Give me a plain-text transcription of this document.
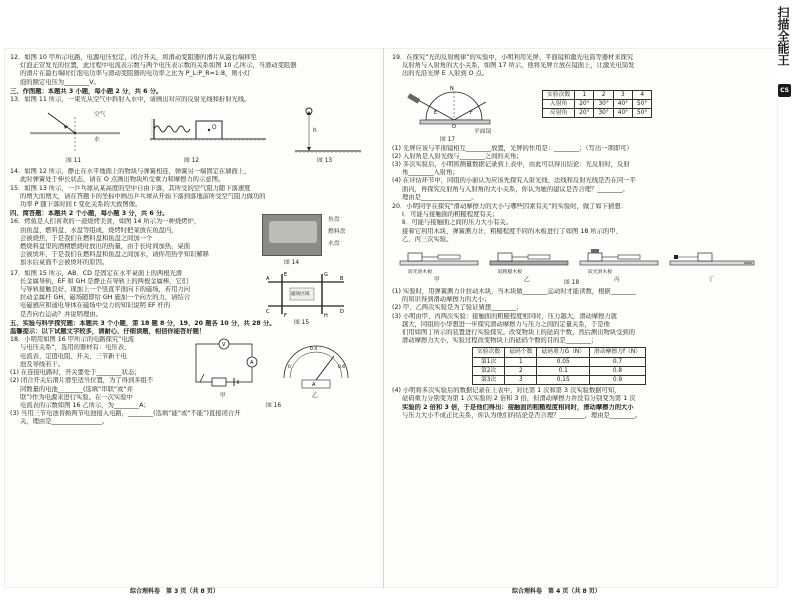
扫描全能王
CS
12．如图 10 甲所示电路，电源电压恒定，闭合开关，将滑动变阻器的滑片从最右端移至
灯泡正常发光的位置，此过程中电流表示数与两个电压表示数的关系如图 10 乙所示，当滑动变阻器
的滑片在最右端时灯泡电功率与滑动变阻器的电功率之比为 P_L:P_R=1:8，则小灯
泡的额定电压为________V。
三、作图题：本题共 3 小题，每小题 2 分，共 6 分。
13．如图 11 所示，一束光从空气中斜射入水中，请画出对应的反射光线和折射光线。
空气
水
图 11
O
图 12
h
图 13
14．如图 12 所示，静止在水平地面上的物块与弹簧相连，弹簧另一端固定在墙面上，
此时弹簧处于伸长状态，请在 O 点画出物块所受重力和摩擦力的示意图。
15．如图 13 所示，一乒乓球从某高度的空中自由下落，其所受的空气阻力随下落速度
的增大而增大，请在答题卡的坐标中画出乒乓球从开始下落到落地前所受空气阻力做功的
功率 P 随下落时间 t 变化关系的大致图像。
四、简答题：本题共 2 个小题，每小题 3 分，共 6 分。
16．烤鱼是人们喜欢的一道烧烤美食，如图 14 所示为一种烧烤炉，
由鱼盘、燃料盘、水盘等组成，烧烤时把菜放在鱼盘内，
会被烧焦，于是我们在燃料盘和鱼盘之间加一个
燃烧料盘里的酒精燃烧时放出的热量，由于长时间加热，桌面
会被烫坏，于是我们在燃料盘和鱼盘之间加水，请你用热学知识解释
加水后桌面不会被烫坏的原因。
鱼盘
燃料盘
水盘
图 14
17．如图 15 所示，AB、CD 是固定在水平桌面上的两根光滑
长金属导轨，EF 和 GH 是静止在导轨上的两根金属棒，它们
与导轨接触良好，现加上一个竖直平面向下的磁场，若用力向
拉动金属杆 GH，磁场随即给 GH 施加一个向左的力，请结合
电磁感应和通电导体在磁场中受力的知识说明 EF 杆的
是否向右运动？并说明理由。
A
C
B
D
E
F
G
H
磁场区域
图 15
五、实验与科学探究题：本题共 3 个小题，第 18 题 8 分，19、20 题各 10 分，共 28 分。
温馨提示：以下试题文字较多，请耐心、仔细读题，相信你能答好题！
18．小明用如图 16 甲所示的电路探究“电流
与电压关系”，选用的器材有：电压表、
电流表、定值电阻、开关、三节新干电
池及导线若干。
(1) 在连接电路时，开关要处于________状态；
(2) 闭合开关后滑片滑至适当位置，为了得到多组不
同数量的电池________(选填“串联”或“并
联”)作为电源来进行实验。在一次实验中
电流表的示数如图 16 乙所示，为________A；
(3) 当用三节电池替换两节电池接入电路，________(选填“能”或“不能”)直接闭合开
关，理由是________________。
V
A
0
0.4
0.6
A
甲	乙
图 16
综合理科卷　第 3 页（共 8 页）
19．在探究“光的反射规律”的实验中，小明利用光屏、平面镜和激光电筒等器材来探究
反射角与入射角的大小关系，如图 17 所示，他将光屏立放在镜面上，让激光电筒发
出的光沿光屏 E 入射到 O 点。
N
E	F
O
平面镜
图 17
实验次数	1	2	3	4
入射角	20°	30°	40°	50°
反射角	20°	30°	40°	50°
(1) 光屏应该与平面镜相互________放置，光屏的作用是：________；（写出一项即可）
(2) 入射角是入射光线与________之间的夹角；
(3) 多次实验后，小明将测量数据记录到上表中，由此可以得出结论：光反射时，反射
角________入射角；
(4) 在评估环节中，同组的小丽认为应该先探究入射光线、法线和反射光线是否在同一平
面内，再探究反射角与入射角的大小关系，你认为她的建议是否合理？________。
理由是________________。
20．小明同学在探究“滑动摩擦力的大小与哪些因素有关”的实验时，做了如下猜想：
Ⅰ．可能与接触面的粗糙程度有关；
Ⅱ．可能与接触面之间的压力大小有关。
接着它利用木块、弹簧测力计，粗糙程度不同的木板进行了如图 18 所示的甲、
乙、丙三次实验。
较光滑木板	较粗糙木板	较光滑木板
甲	乙	丙	丁
图 18
(1) 实验时，用弹簧测力计拉动木块，当木块做________运动时才能读数，根据________
的知识得到滑动摩擦力的大小；
(2) 甲、乙两次实验是为了验证猜想________；
(3) 小明由甲、丙两次实验：接触面的粗糙程度相同时，压力越大，滑动摩擦力就
越大，同组的小华想进一步探究滑动摩擦力与压力之间的定量关系，于是他
们用如图丁所示的装置进行实验探究。改变物块上的砝码个数，然后测出物块受到的
滑动摩擦力大小，实验过程改变物块上的砝码个数的目的是________；
实验次数	砝码个数	砝码重力G（N）	滑动摩擦力f（N）
第1次	1	0.05	0.7
第2次	2	0.1	0.8
第3次	3	0.15	0.9
(4) 小明将多次实验后的数据记录在上表中，对比第 1 次和第 3 次实验数据可知，
砝码重力分别变为第 1 次实验的 2 倍和 3 倍，但滑动摩擦力并没有分别变为第 1 次
实验的 2 倍和 3 倍，于是他们得出：接触面的粗糙程度相同时，滑动摩擦力的大小
与压力大小不成正比关系，你认为他们的结论是否合理？________，理由是________。
综合理科卷　第 4 页（共 8 页）
